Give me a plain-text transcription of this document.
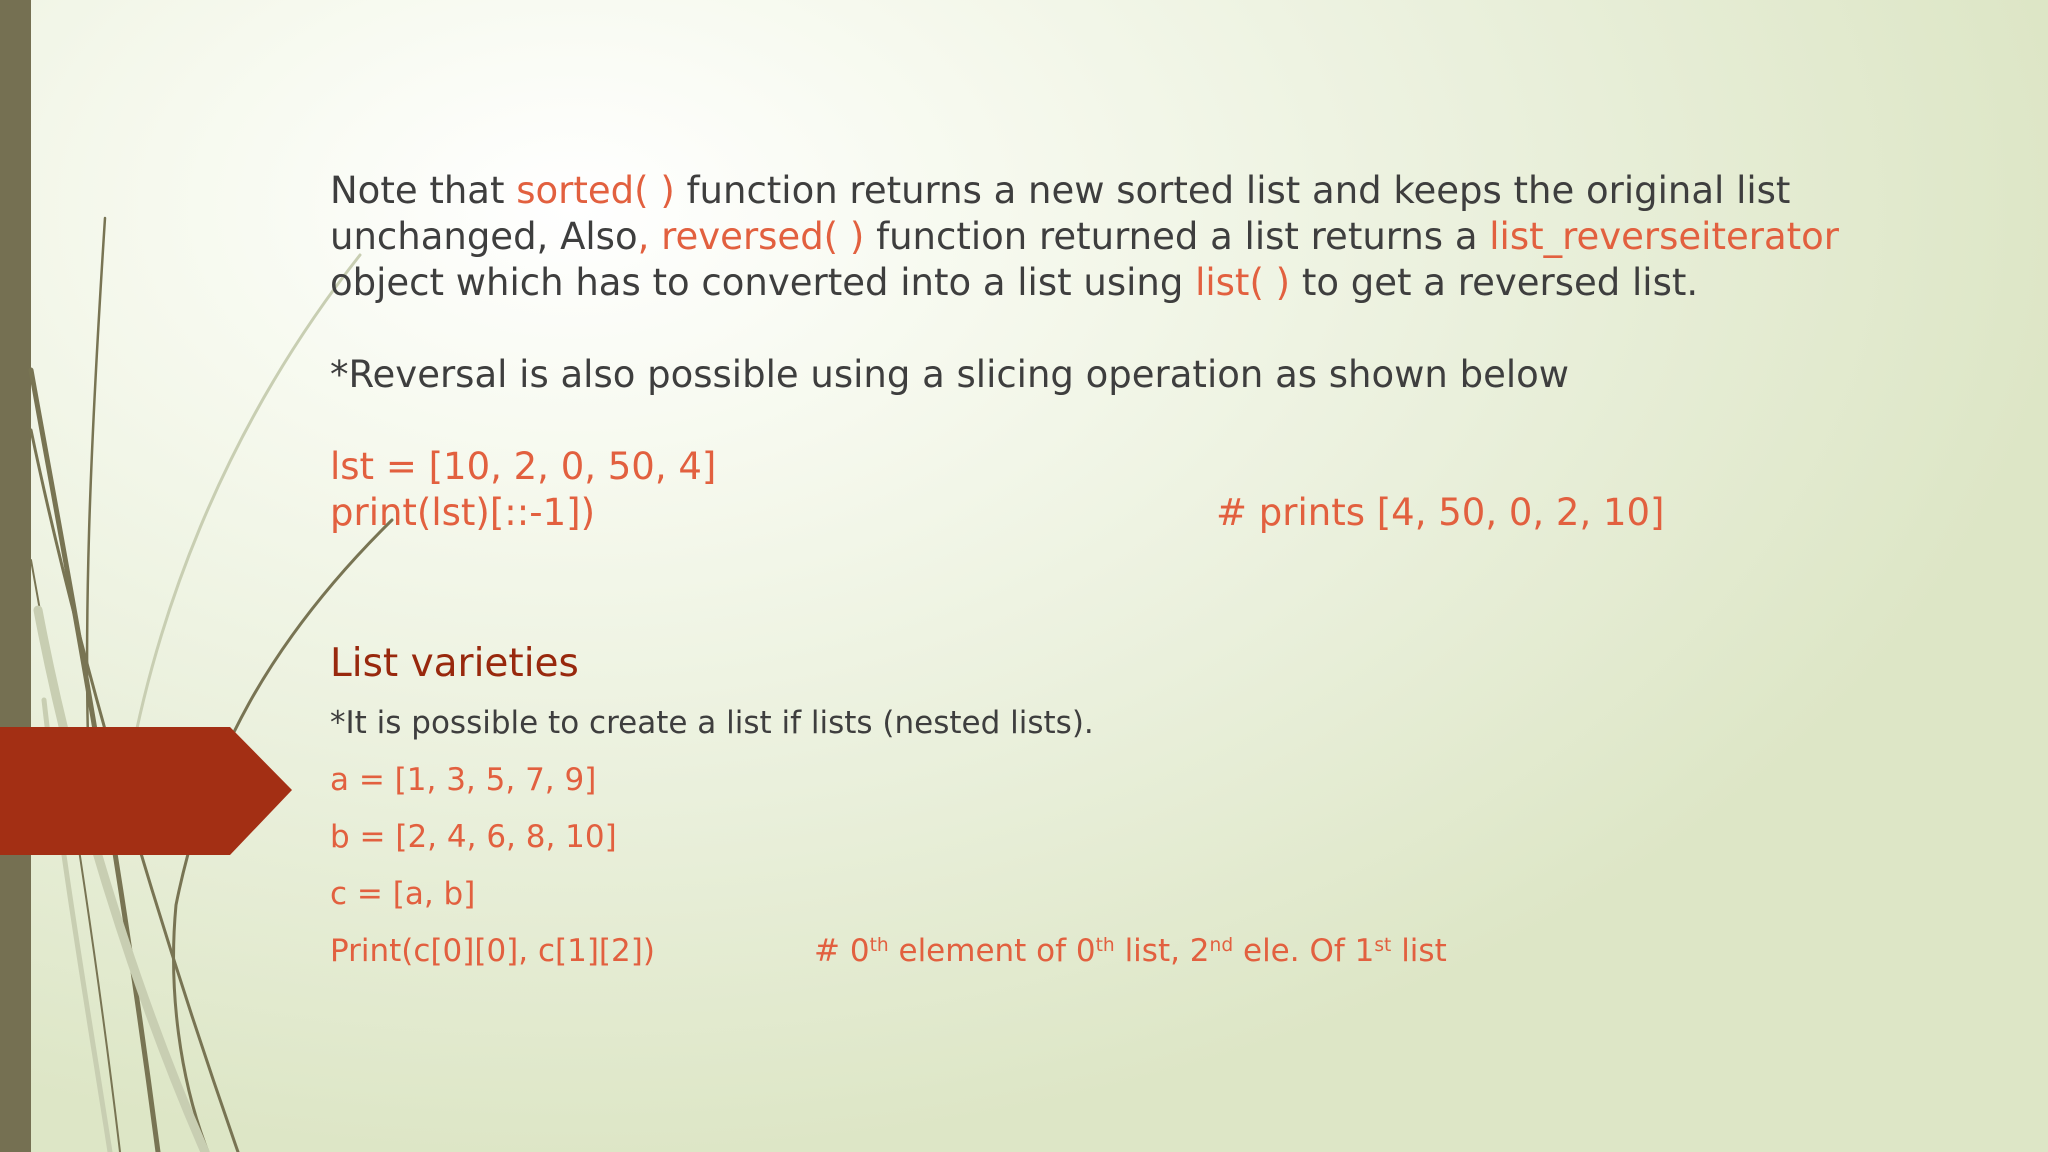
Note that sorted( ) function returns a new sorted list and keeps the original list
unchanged, Also, reversed( ) function returned a list returns a list_reverseiterator
object which has to converted into a list using list( ) to get a reversed list.

*Reversal is also possible using a slicing operation as shown below

lst = [10, 2, 0, 50, 4]
print(lst)[::-1])	# prints [4, 50, 0, 2, 10]
List varieties
*It is possible to create a list if lists (nested lists).
a = [1, 3, 5, 7, 9]
b = [2, 4, 6, 8, 10]
c = [a, b]
Print(c[0][0], c[1][2])	# 0th element of 0th list, 2nd ele. Of 1st list
